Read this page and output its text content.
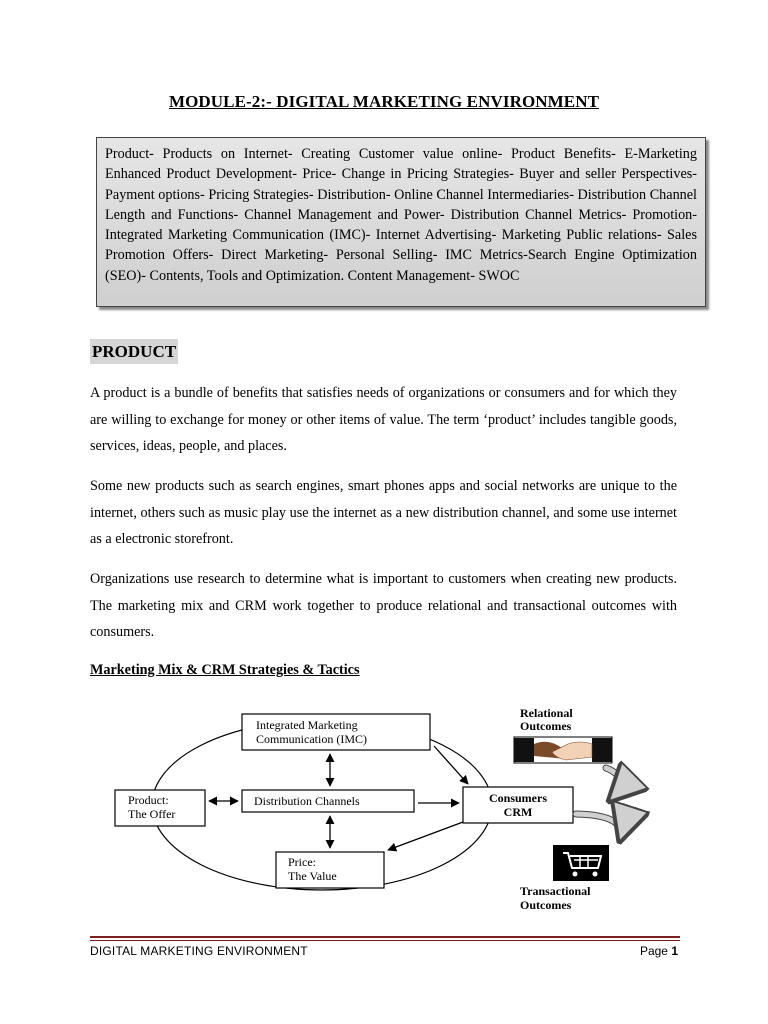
MODULE-2:- DIGITAL MARKETING ENVIRONMENT
Product- Products on Internet- Creating Customer value online- Product Benefits- E-Marketing Enhanced Product Development- Price- Change in Pricing Strategies- Buyer and seller Perspectives- Payment options- Pricing Strategies- Distribution- Online Channel Intermediaries- Distribution Channel Length and Functions- Channel Management and Power- Distribution Channel Metrics- Promotion- Integrated Marketing Communication (IMC)- Internet Advertising- Marketing Public relations- Sales Promotion Offers- Direct Marketing- Personal Selling- IMC Metrics-Search Engine Optimization (SEO)- Contents, Tools and Optimization. Content Management- SWOC
PRODUCT
A product is a bundle of benefits that satisfies needs of organizations or consumers and for which they are willing to exchange for money or other items of value. The term ‘product’ includes tangible goods, services, ideas, people, and places.
Some new products such as search engines, smart phones apps and social networks are unique to the internet, others such as music play use the internet as a new distribution channel, and some use internet as a electronic storefront.
Organizations use research to determine what is important to customers when creating new products. The marketing mix and CRM work together to produce relational and transactional outcomes with consumers.
Marketing Mix & CRM Strategies & Tactics
Integrated Marketing
Communication (IMC)
Product:
The Offer
Distribution Channels	Consumers
CRM
Price:
The Value
Relational
Outcomes
Transactional
Outcomes
DIGITAL MARKETING ENVIRONMENT	Page 1
